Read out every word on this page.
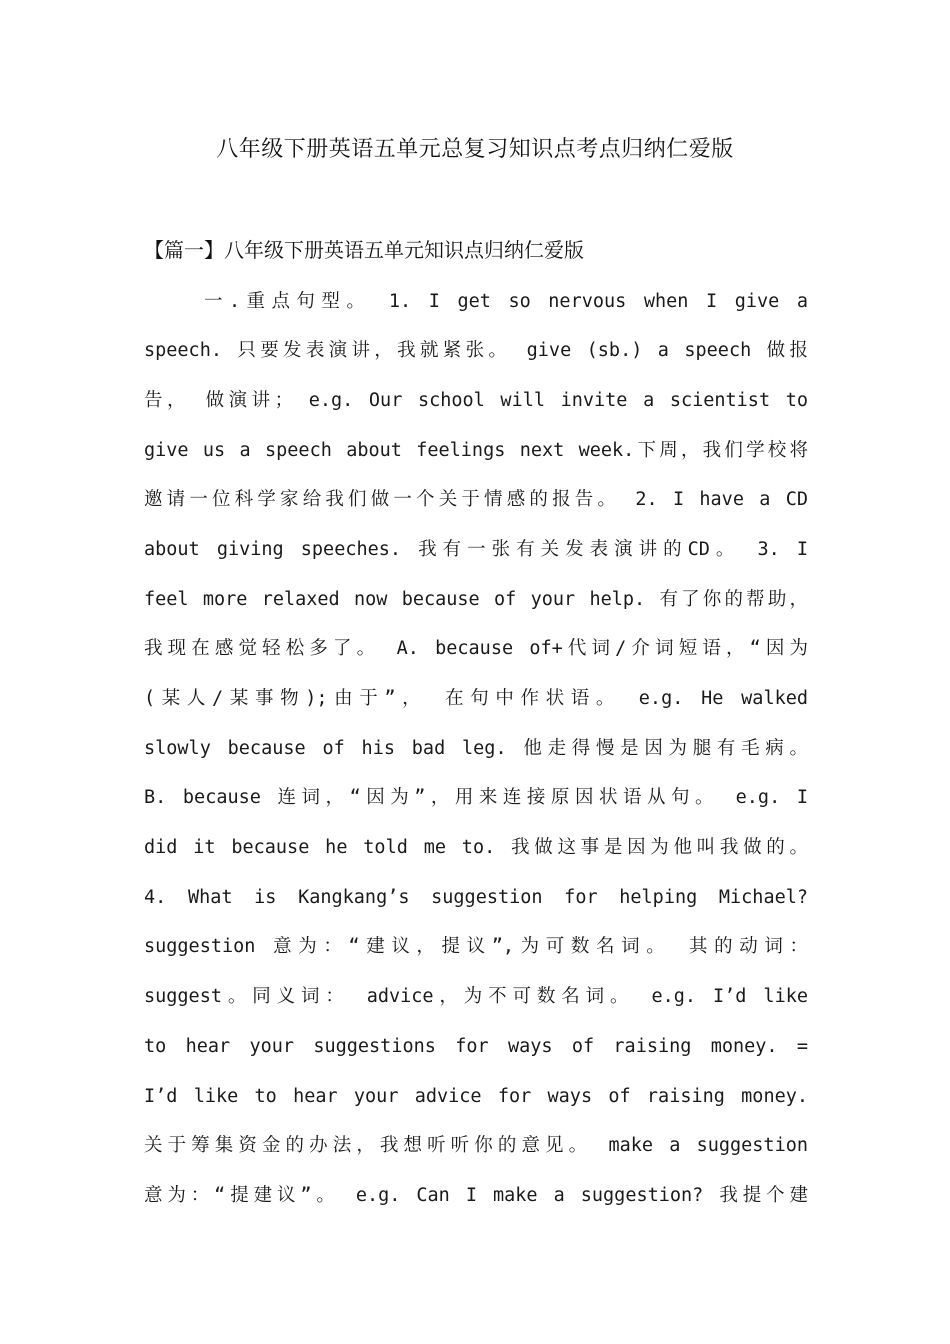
八年级下册英语五单元总复习知识点考点归纳仁爱版
【篇一】八年级下册英语五单元知识点归纳仁爱版
一.重点句型。 1. I get so nervous when I give a
speech. 只要发表演讲，我就紧张。 give (sb.) a speech 做报
告， 做演讲； e.g. Our school will invite a scientist to
give us a speech about feelings next week.下周，我们学校将
邀请一位科学家给我们做一个关于情感的报告。 2. I have a CD
about giving speeches. 我有一张有关发表演讲的CD。 3. I
feel more relaxed now because of your help. 有了你的帮助，
我现在感觉轻松多了。 A. because of+代词/介词短语，“因为
(某人/某事物);由于”， 在句中作状语。 e.g. He walked
slowly because of his bad leg. 他走得慢是因为腿有毛病。
B. because 连词，“因为”，用来连接原因状语从句。 e.g. I
did it because he told me to. 我做这事是因为他叫我做的。
4. What is Kangkang’s suggestion for helping Michael?
suggestion 意为：“建议，提议”,为可数名词。 其的动词：
suggest。同义词： advice，为不可数名词。 e.g. I’d like
to hear your suggestions for ways of raising money. =
I’d like to hear your advice for ways of raising money.
关于筹集资金的办法，我想听听你的意见。 make a suggestion
意为：“提建议”。 e.g. Can I make a suggestion? 我提个建
